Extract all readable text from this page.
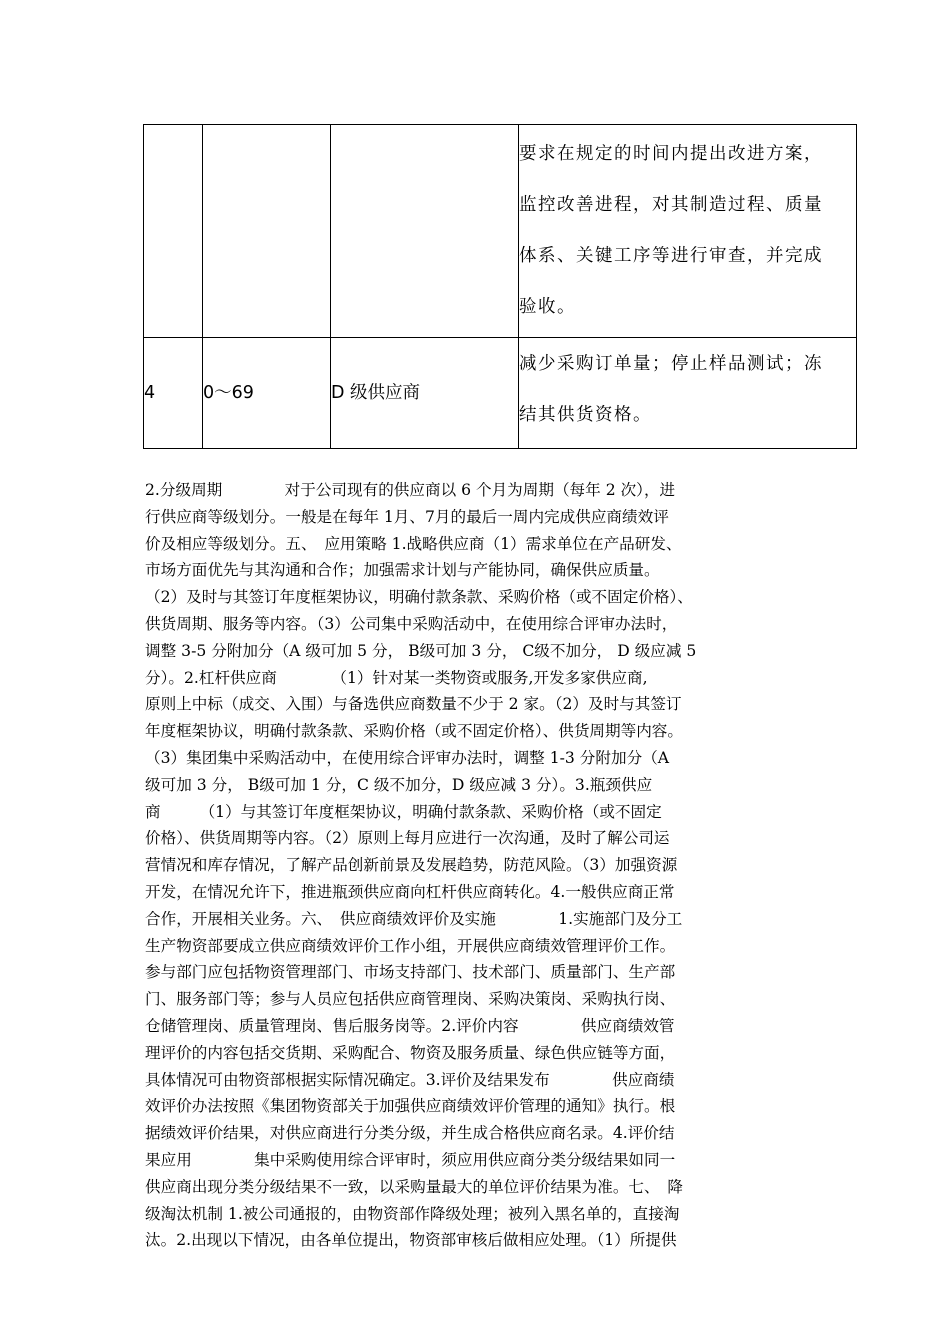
			要求在规定的时间内提出改进方案，
监控改善进程，对其制造过程、质量
体系、关键工序等进行审查，并完成
验收。

4	0～69	D 级供应商	减少采购订单量；停止样品测试；冻
结其供货资格。

2.分级周期　　　　对于公司现有的供应商以 6 个月为周期（每年 2 次），进

行供应商等级划分。一般是在每年 1月、7月的最后一周内完成供应商绩效评

价及相应等级划分。五、　应用策略 1.战略供应商（1）需求单位在产品研发、

市场方面优先与其沟通和合作；加强需求计划与产能协同，确保供应质量。

（2）及时与其签订年度框架协议，明确付款条款、采购价格（或不固定价格）、

供货周期、服务等内容。（3）公司集中采购活动中，在使用综合评审办法时，

调整 3-5 分附加分（A 级可加 5 分， B级可加 3 分， C级不加分， D 级应减 5

分）。2.杠杆供应商　　　　（1）针对某一类物资或服务,开发多家供应商,

原则上中标（成交、入围）与备选供应商数量不少于 2 家。（2）及时与其签订

年度框架协议，明确付款条款、采购价格（或不固定价格）、供货周期等内容。

（3）集团集中采购活动中，在使用综合评审办法时，调整 1-3 分附加分（A

级可加 3 分， B级可加 1 分，C 级不加分，D 级应减 3 分）。3.瓶颈供应

商　　　（1）与其签订年度框架协议，明确付款条款、采购价格（或不固定

价格）、供货周期等内容。（2）原则上每月应进行一次沟通，及时了解公司运

营情况和库存情况，了解产品创新前景及发展趋势，防范风险。（3）加强资源

开发，在情况允许下，推进瓶颈供应商向杠杆供应商转化。4.一般供应商正常

合作，开展相关业务。六、　供应商绩效评价及实施　　　　1.实施部门及分工

生产物资部要成立供应商绩效评价工作小组，开展供应商绩效管理评价工作。

参与部门应包括物资管理部门、市场支持部门、技术部门、质量部门、生产部

门、服务部门等；参与人员应包括供应商管理岗、采购决策岗、采购执行岗、

仓储管理岗、质量管理岗、售后服务岗等。2.评价内容　　　　供应商绩效管

理评价的内容包括交货期、采购配合、物资及服务质量、绿色供应链等方面，

具体情况可由物资部根据实际情况确定。3.评价及结果发布　　　　供应商绩

效评价办法按照《集团物资部关于加强供应商绩效评价管理的通知》执行。根

据绩效评价结果，对供应商进行分类分级，并生成合格供应商名录。4.评价结

果应用　　　　集中采购使用综合评审时，须应用供应商分类分级结果如同一

供应商出现分类分级结果不一致，以采购量最大的单位评价结果为准。七、　降

级淘汰机制 1.被公司通报的，由物资部作降级处理；被列入黑名单的，直接淘

汰。2.出现以下情况，由各单位提出，物资部审核后做相应处理。（1）所提供
